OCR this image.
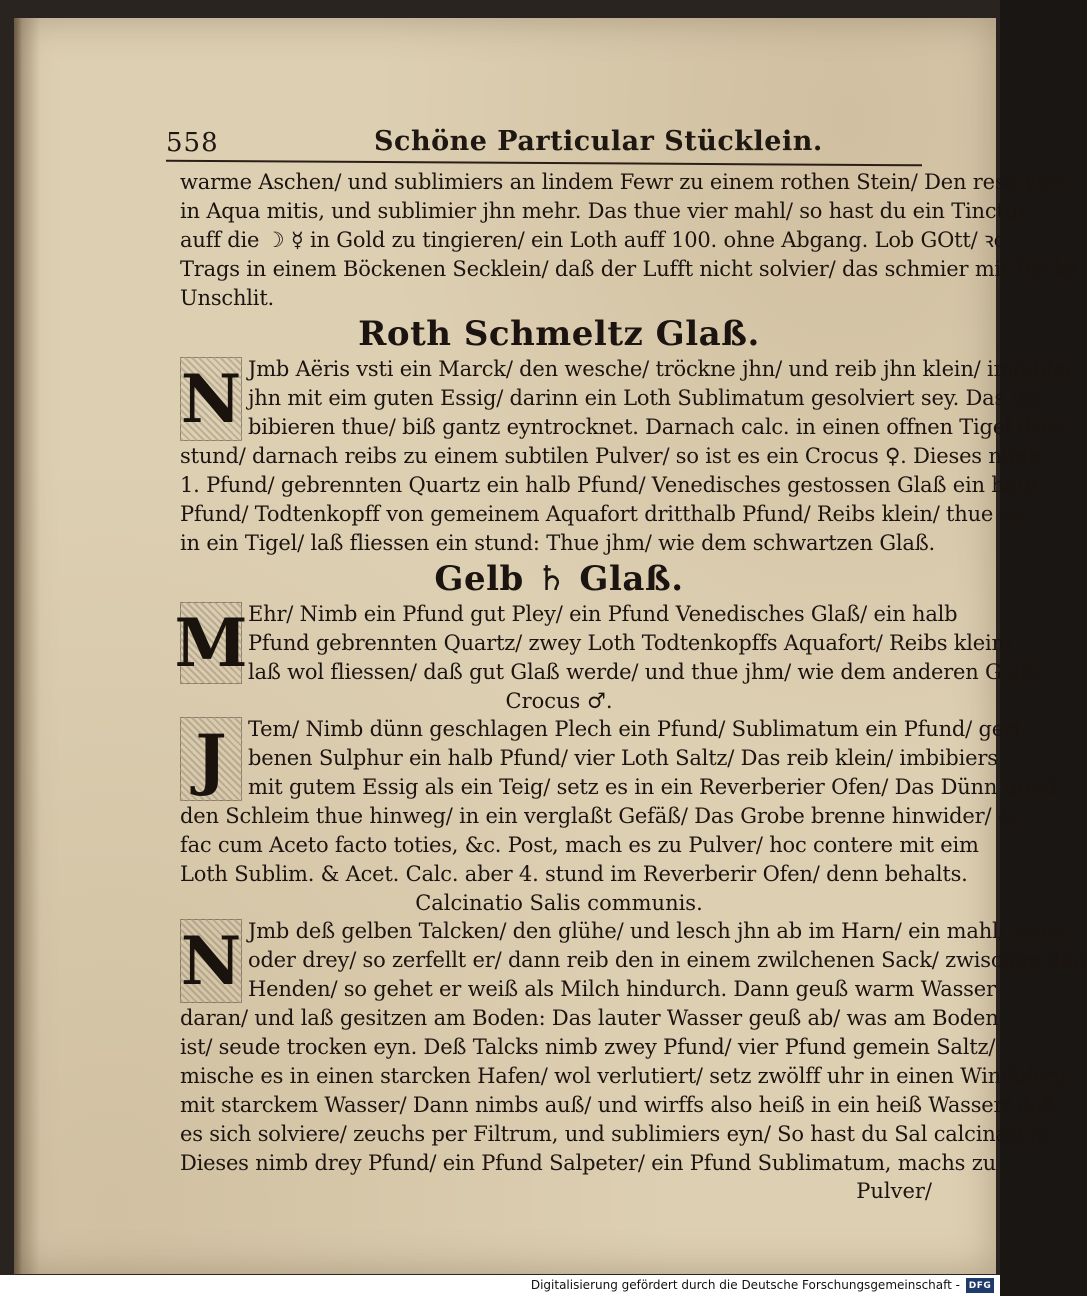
558	Schöne Particular Stücklein.
warme Aschen/ und sublimiers an lindem Fewr zu einem rothen Stein/ Den resolvier
in Aqua mitis, und sublimier jhn mehr. Das thue vier mahl/ so hast du ein Tinctur
auff die ☽ ☿ in Gold zu tingieren/ ein Loth auff 100. ohne Abgang. Lob GOtt/ ꝛc.
Trags in einem Böckenen Secklein/ daß der Lufft nicht solvier/ das schmier mit Bocks
Unschlit.
Roth Schmeltz Glaß.
N Jmb Aëris vsti ein Marck/ den wesche/ tröckne jhn/ und reib jhn klein/ imbibier
jhn mit eim guten Essig/ darinn ein Loth Sublimatum gesolviert sey. Das im-
bibieren thue/ biß gantz eyntrocknet. Darnach calc. in einen offnen Tigel drey
stund/ darnach reibs zu einem subtilen Pulver/ so ist es ein Crocus ♀. Dieses nimb
1. Pfund/ gebrennten Quartz ein halb Pfund/ Venedisches gestossen Glaß ein halb
Pfund/ Todtenkopff von gemeinem Aquafort dritthalb Pfund/ Reibs klein/ thue es
in ein Tigel/ laß fliessen ein stund: Thue jhm/ wie dem schwartzen Glaß.
Gelb ♄ Glaß.
M Ehr/ Nimb ein Pfund gut Pley/ ein Pfund Venedisches Glaß/ ein halb
Pfund gebrennten Quartz/ zwey Loth Todtenkopffs Aquafort/ Reibs klein/
laß wol fliessen/ daß gut Glaß werde/ und thue jhm/ wie dem anderen Glaß.
Crocus ♂.
J	Tem/ Nimb dünn geschlagen Plech ein Pfund/ Sublimatum ein Pfund/ geri-
benen Sulphur ein halb Pfund/ vier Loth Saltz/ Das reib klein/ imbibiers
mit gutem Essig als ein Teig/ setz es in ein Reverberier Ofen/ Das Dünn unnd
den Schleim thue hinweg/ in ein verglaßt Gefäß/ Das Grobe brenne hinwider/ &
fac cum Aceto facto toties, &c. Post, mach es zu Pulver/ hoc contere mit eim
Loth Sublim. & Acet. Calc. aber 4. stund im Reverberir Ofen/ denn behalts.
Calcinatio Salis communis.
N Jmb deß gelben Talcken/ den glühe/ und lesch jhn ab im Harn/ ein mahl/ zwey
oder drey/ so zerfellt er/ dann reib den in einem zwilchenen Sack/ zwischen den
Henden/ so gehet er weiß als Milch hindurch. Dann geuß warm Wasser
daran/ und laß gesitzen am Boden: Das lauter Wasser geuß ab/ was am Boden
ist/ seude trocken eyn. Deß Talcks nimb zwey Pfund/ vier Pfund gemein Saltz/
mische es in einen starcken Hafen/ wol verlutiert/ setz zwölff uhr in einen Windofen/
mit starckem Wasser/ Dann nimbs auß/ und wirffs also heiß in ein heiß Wasser/ daß
es sich solviere/ zeuchs per Filtrum, und sublimiers eyn/ So hast du Sal calcinatum.
Dieses nimb drey Pfund/ ein Pfund Salpeter/ ein Pfund Sublimatum, machs zu
Pulver/
Digitalisierung gefördert durch die Deutsche Forschungsgemeinschaft - DFG
